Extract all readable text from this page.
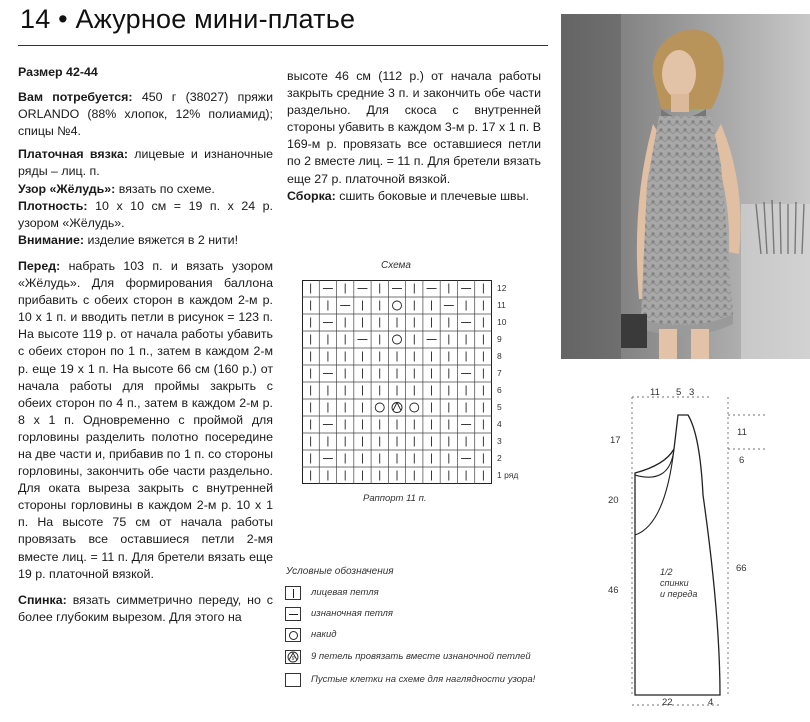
14 • Ажурное мини-платье

Размер 42-44

Вам потребуется: 450 г (38027) пряжи ORLANDO (88% хлопок, 12% полиамид); спицы №4.

Платочная вязка: лицевые и изнаночные ряды – лиц. п.

Узор «Жёлудь»: вязать по схеме.

Плотность: 10 х 10 см = 19 п. х 24 р. узором «Жёлудь».

Внимание: изделие вяжется в 2 нити!

Перед: набрать 103 п. и вязать узором «Жёлудь». Для формирования баллона прибавить с обеих сторон в каждом 2-м р. 10 х 1 п. и вводить петли в рисунок = 123 п. На высоте 119 р. от начала работы убавить с обеих сторон по 1 п., затем в каждом 2-м р. еще 19 х 1 п. На высоте 66 см (160 р.) от начала работы для проймы закрыть с обеих сторон по 4 п., затем в каждом 2-м р. 8 х 1 п. Одновременно с проймой для горловины разделить полотно посередине на две части и, прибавив по 1 п. со стороны горловины, закончить обе части раздельно. Для оката выреза закрыть с внутренней стороны горловины в каждом 2-м р. 10 х 1 п. На высоте 75 см от начала работы провязать все оставшиеся петли 2-мя вместе лиц. = 11 п. Для бретели вязать еще 19 р. платочной вязкой.

Спинка: вязать симметрично переду, но с более глубоким вырезом. Для этого на

высоте 46 см (112 р.) от начала работы закрыть средние 3 п. и закончить обе части раздельно. Для скоса с внутренней стороны убавить в каждом 3-м р. 17 х 1 п. В 169-м р. провязать все оставшиеся петли по 2 вместе лиц. = 11 п. Для бретели вязать еще 27 р. платочной вязкой.

Сборка: сшить боковые и плечевые швы.

Схема
12
11
10
9
8
7
6
5
4
3
2
1 ряд
Раппорт 11 п.
Условные обозначения
лицевая петля
изнаночная петля
накид
9 9 петель провязать вместе изнаночной петлей
Пустые клетки на схеме для наглядности узора!
11 5 3
11
6
17
20
46
66
22	4
1/2
спинки
и переда
